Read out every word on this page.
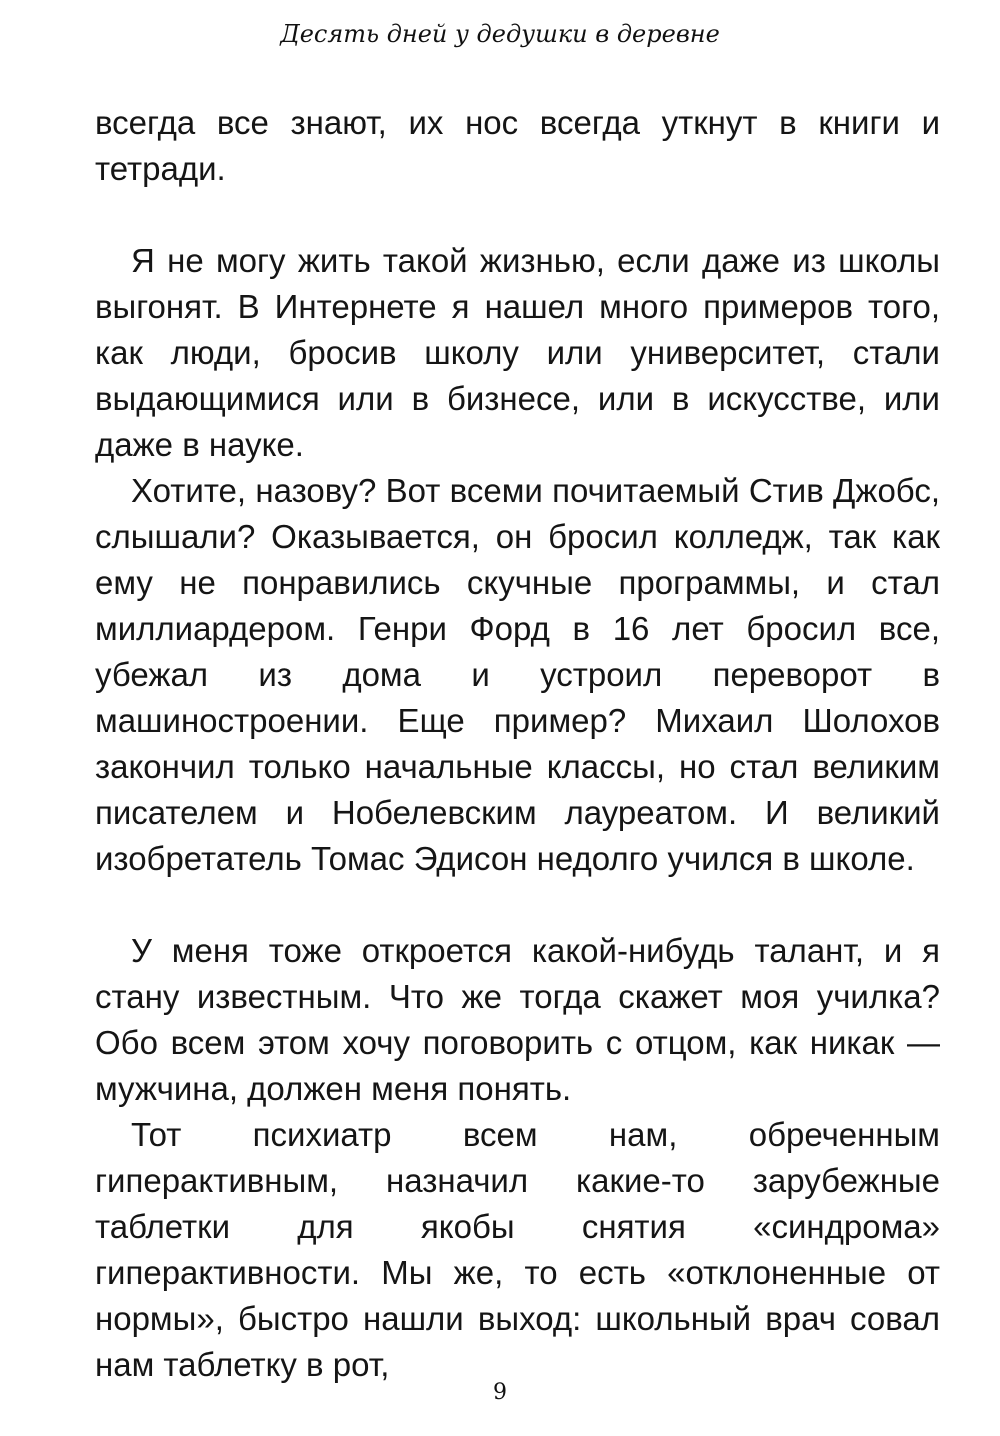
Десять дней у дедушки в деревне

всегда все знают, их нос всегда уткнут в книги и тетради.

Я не могу жить такой жизнью, если даже из школы выгонят. В Интернете я нашел много примеров того, как люди, бросив школу или университет, стали выдающимися или в бизнесе, или в искусстве, или даже в науке.

Хотите, назову? Вот всеми почитаемый Стив Джобс, слышали? Оказывается, он бросил колледж, так как ему не понравились скучные программы, и стал миллиардером. Генри Форд в 16 лет бросил все, убежал из дома и устроил переворот в машиностроении. Еще пример? Михаил Шолохов закончил только начальные классы, но стал великим писателем и Нобелевским лауреатом. И великий изобретатель Томас Эдисон недолго учился в школе.

У меня тоже откроется какой-нибудь талант, и я стану известным. Что же тогда скажет моя училка? Обо всем этом хочу поговорить с отцом, как никак — мужчина, должен меня понять.

Тот психиатр всем нам, обреченным гиперактивным, назначил какие-то зарубежные таблетки для якобы снятия «синдрома» гиперактивности. Мы же, то есть «отклоненные от нормы», быстро нашли выход: школьный врач совал нам таблетку в рот,

9
